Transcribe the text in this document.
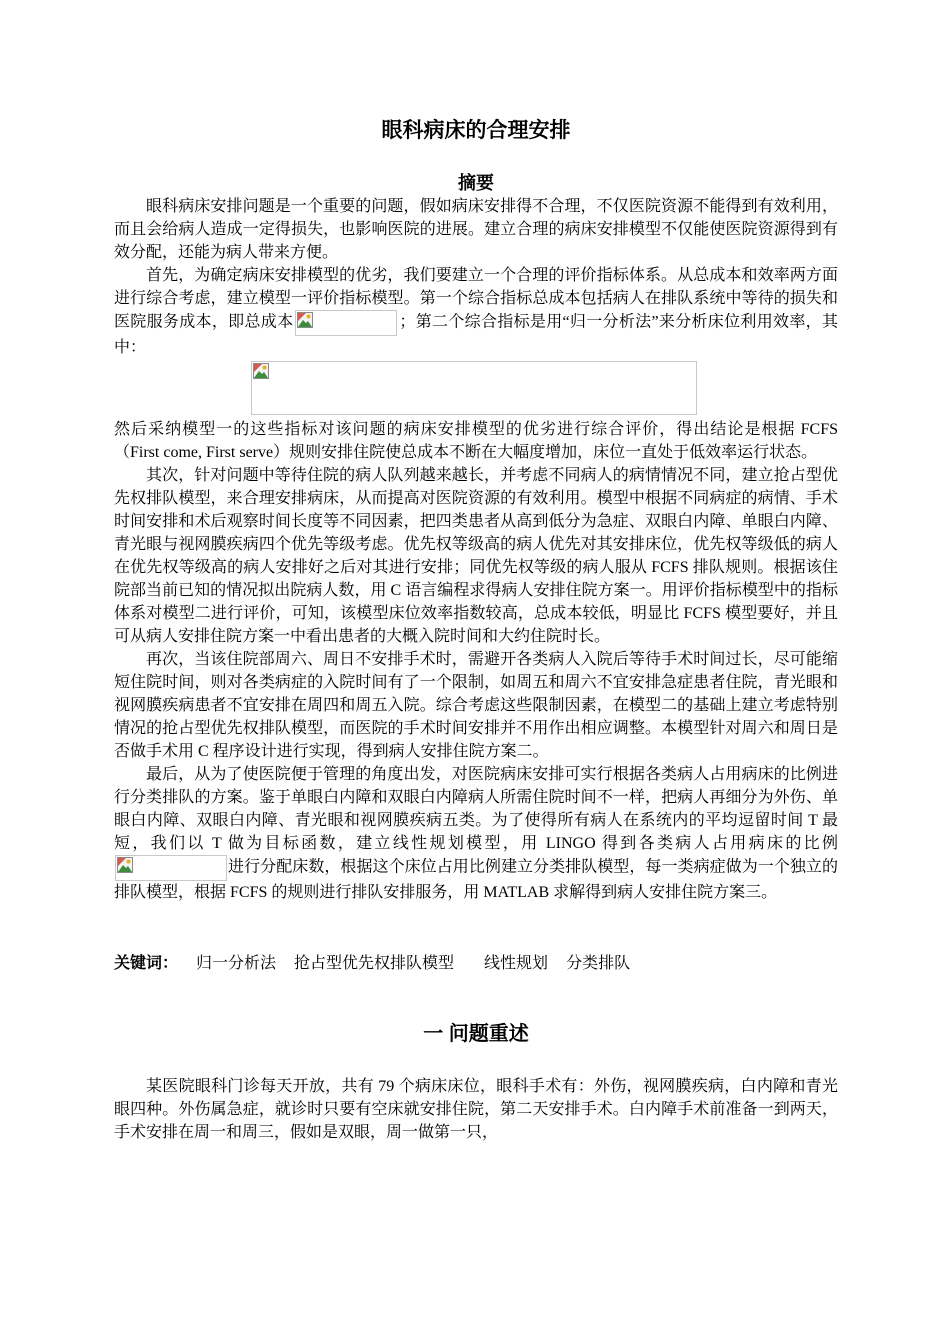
眼科病床的合理安排
摘要

眼科病床安排问题是一个重要的问题，假如病床安排得不合理，不仅医院资源不能得到有效利用，而且会给病人造成一定得损失，也影响医院的进展。建立合理的病床安排模型不仅能使医院资源得到有效分配，还能为病人带来方便。

首先，为确定病床安排模型的优劣，我们要建立一个合理的评价指标体系。从总成本和效率两方面进行综合考虑，建立模型一评价指标模型。第一个综合指标总成本包括病人在排队系统中等待的损失和医院服务成本，即总成本	；第二个综合指标是用“归一分析法”来分析床位利用效率，其中：

然后采纳模型一的这些指标对该问题的病床安排模型的优劣进行综合评价，得出结论是根据 FCFS（First come, First serve）规则安排住院使总成本不断在大幅度增加，床位一直处于低效率运行状态。

其次，针对问题中等待住院的病人队列越来越长，并考虑不同病人的病情情况不同，建立抢占型优先权排队模型，来合理安排病床，从而提高对医院资源的有效利用。模型中根据不同病症的病情、手术时间安排和术后观察时间长度等不同因素，把四类患者从高到低分为急症、双眼白内障、单眼白内障、青光眼与视网膜疾病四个优先等级考虑。优先权等级高的病人优先对其安排床位，优先权等级低的病人在优先权等级高的病人安排好之后对其进行安排；同优先权等级的病人服从 FCFS 排队规则。根据该住院部当前已知的情况拟出院病人数，用 C 语言编程求得病人安排住院方案一。用评价指标模型中的指标体系对模型二进行评价，可知，该模型床位效率指数较高，总成本较低，明显比 FCFS 模型要好，并且可从病人安排住院方案一中看出患者的大概入院时间和大约住院时长。

再次，当该住院部周六、周日不安排手术时，需避开各类病人入院后等待手术时间过长，尽可能缩短住院时间，则对各类病症的入院时间有了一个限制，如周五和周六不宜安排急症患者住院，青光眼和视网膜疾病患者不宜安排在周四和周五入院。综合考虑这些限制因素，在模型二的基础上建立考虑特别情况的抢占型优先权排队模型，而医院的手术时间安排并不用作出相应调整。本模型针对周六和周日是否做手术用 C 程序设计进行实现，得到病人安排住院方案二。

最后，从为了使医院便于管理的角度出发，对医院病床安排可实行根据各类病人占用病床的比例进行分类排队的方案。鉴于单眼白内障和双眼白内障病人所需住院时间不一样，把病人再细分为外伤、单眼白内障、双眼白内障、青光眼和视网膜疾病五类。为了使得所有病人在系统内的平均逗留时间 T 最短，我们以 T 做为目标函数，建立线性规划模型，用 LINGO 得到各类病人占用病床的比例
进行分配床数，根据这个床位占用比例建立分类排队模型，每一类病症做为一个独立的排队模型，根据 FCFS 的规则进行排队安排服务，用 MATLAB 求解得到病人安排住院方案三。

关键词： 归一分析法 抢占型优先权排队模型 线性规划 分类排队

一 问题重述

某医院眼科门诊每天开放，共有 79 个病床床位，眼科手术有：外伤，视网膜疾病，白内障和青光眼四种。外伤属急症，就诊时只要有空床就安排住院，第二天安排手术。白内障手术前准备一到两天，手术安排在周一和周三，假如是双眼，周一做第一只，
